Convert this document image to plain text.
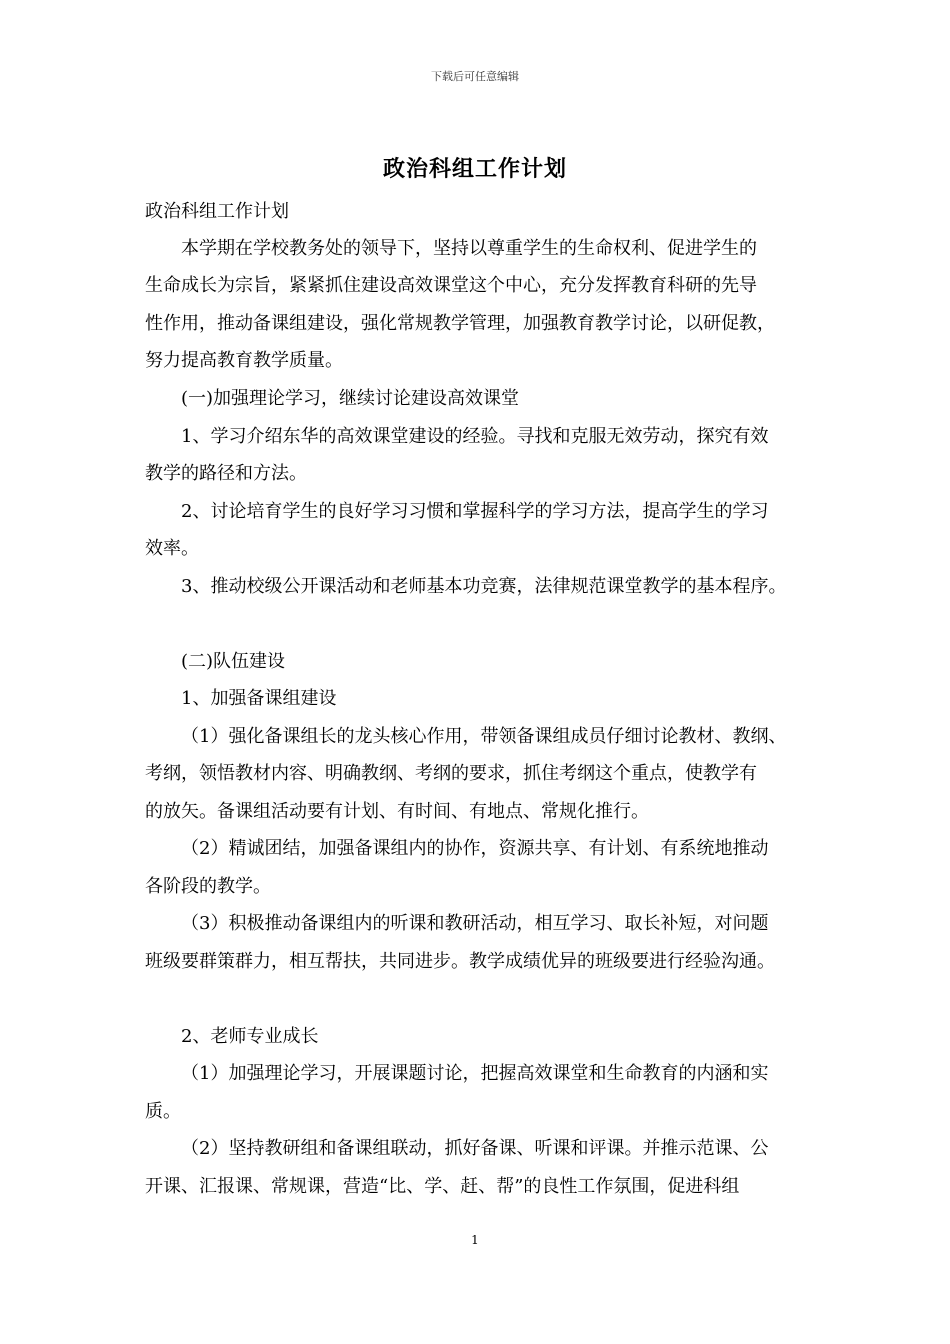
下载后可任意编辑
政治科组工作计划
政治科组工作计划
本学期在学校教务处的领导下，坚持以尊重学生的生命权利、促进学生的
生命成长为宗旨，紧紧抓住建设高效课堂这个中心，充分发挥教育科研的先导
性作用，推动备课组建设，强化常规教学管理，加强教育教学讨论，以研促教，
努力提高教育教学质量。
(一)加强理论学习，继续讨论建设高效课堂
1、学习介绍东华的高效课堂建设的经验。寻找和克服无效劳动，探究有效
教学的路径和方法。
2、讨论培育学生的良好学习习惯和掌握科学的学习方法，提高学生的学习
效率。
3、推动校级公开课活动和老师基本功竞赛，法律规范课堂教学的基本程序。
(二)队伍建设
1、加强备课组建设
（1）强化备课组长的龙头核心作用，带领备课组成员仔细讨论教材、教纲、
考纲，领悟教材内容、明确教纲、考纲的要求，抓住考纲这个重点，使教学有
的放矢。备课组活动要有计划、有时间、有地点、常规化推行。
（2）精诚团结，加强备课组内的协作，资源共享、有计划、有系统地推动
各阶段的教学。
（3）积极推动备课组内的听课和教研活动，相互学习、取长补短，对问题
班级要群策群力，相互帮扶，共同进步。教学成绩优异的班级要进行经验沟通。
2、老师专业成长
（1）加强理论学习，开展课题讨论，把握高效课堂和生命教育的内涵和实
质。
（2）坚持教研组和备课组联动，抓好备课、听课和评课。并推示范课、公
开课、汇报课、常规课，营造“比、学、赶、帮”的良性工作氛围，促进科组
1
